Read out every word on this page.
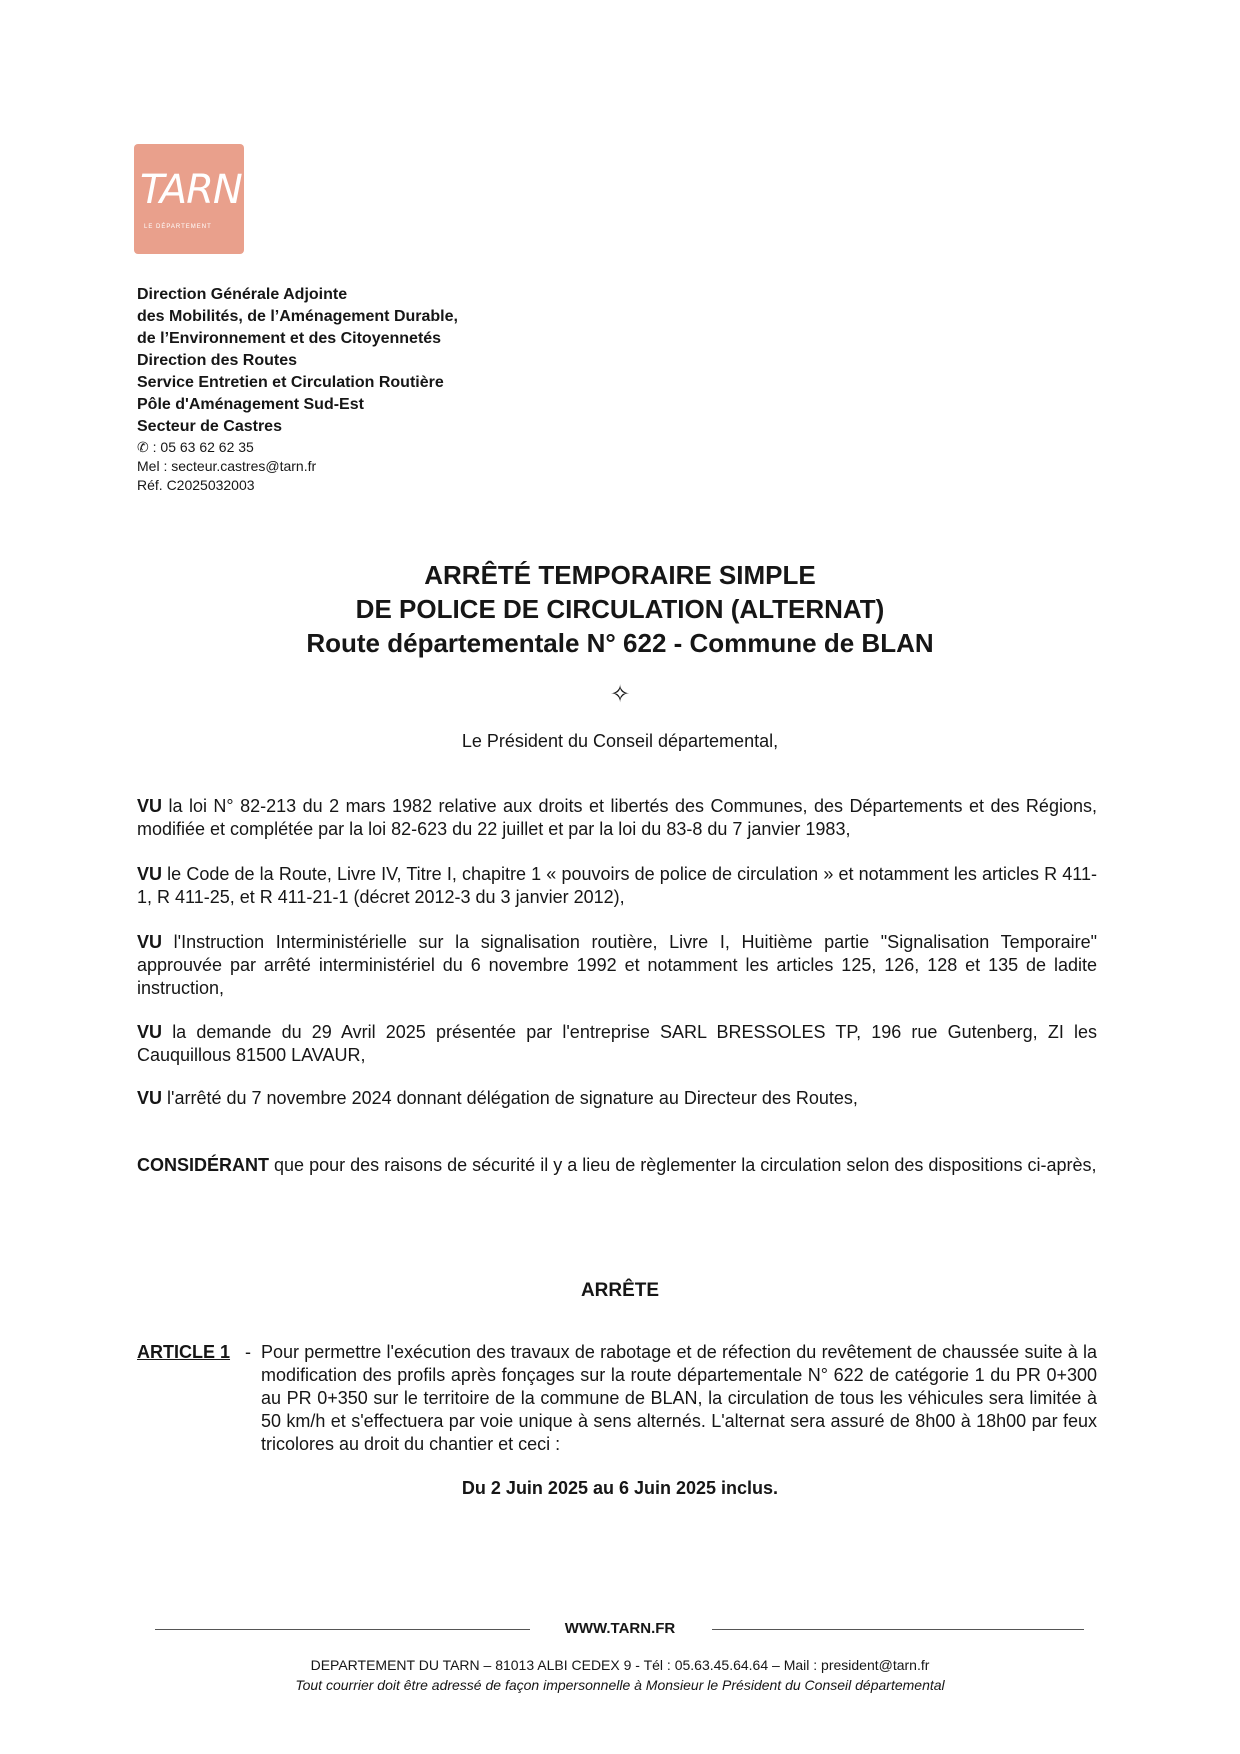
TARN
LE DÉPARTEMENT
Direction Générale Adjointe
des Mobilités, de l’Aménagement Durable,
de l’Environnement et des Citoyennetés
Direction des Routes
Service Entretien et Circulation Routière
Pôle d'Aménagement Sud-Est
Secteur de Castres
✆ : 05 63 62 62 35
Mel : secteur.castres@tarn.fr
Réf. C2025032003
ARRÊTÉ TEMPORAIRE SIMPLE
DE POLICE DE CIRCULATION (ALTERNAT)
Route départementale N° 622 - Commune de BLAN
✧
Le Président du Conseil départemental,
VU la loi N° 82-213 du 2 mars 1982 relative aux droits et libertés des Communes, des Départements et des Régions, modifiée et complétée par la loi 82-623 du 22 juillet et par la loi du 83-8 du 7 janvier 1983,
VU le Code de la Route, Livre IV, Titre I, chapitre 1 « pouvoirs de police de circulation » et notamment les articles R 411-1, R 411-25, et R 411-21-1 (décret 2012-3 du 3 janvier 2012),
VU l'Instruction Interministérielle sur la signalisation routière, Livre I, Huitième partie "Signalisation Temporaire" approuvée par arrêté interministériel du 6 novembre 1992 et notamment les articles 125, 126, 128 et 135 de ladite instruction,
VU la demande du 29 Avril 2025 présentée par l'entreprise SARL BRESSOLES TP, 196 rue Gutenberg, ZI les Cauquillous 81500 LAVAUR,
VU l'arrêté du 7 novembre 2024 donnant délégation de signature au Directeur des Routes,
CONSIDÉRANT que pour des raisons de sécurité il y a lieu de règlementer la circulation selon des dispositions ci-après,
ARRÊTE
ARTICLE 1 - Pour permettre l'exécution des travaux de rabotage et de réfection du revêtement de chaussée suite à la modification des profils après fonçages sur la route départementale N° 622 de catégorie 1 du PR 0+300 au PR 0+350 sur le territoire de la commune de BLAN, la circulation de tous les véhicules sera limitée à 50 km/h et s'effectuera par voie unique à sens alternés. L'alternat sera assuré de 8h00 à 18h00 par feux tricolores au droit du chantier et ceci :
Du 2 Juin 2025 au 6 Juin 2025 inclus.
WWW.TARN.FR
DEPARTEMENT DU TARN – 81013 ALBI CEDEX 9 - Tél : 05.63.45.64.64 – Mail : president@tarn.fr
Tout courrier doit être adressé de façon impersonnelle à Monsieur le Président du Conseil départemental
